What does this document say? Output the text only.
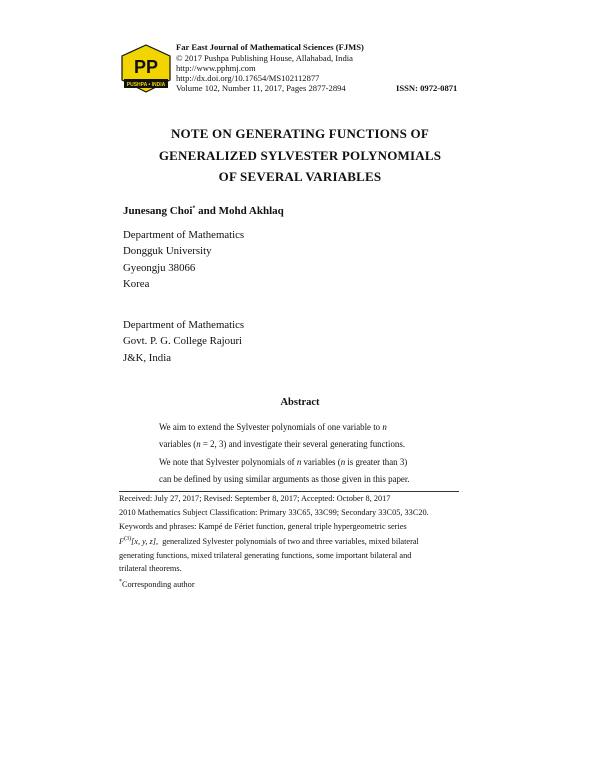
PP
PUSHPA • INDIA
Far East Journal of Mathematical Sciences (FJMS)
© 2017 Pushpa Publishing House, Allahabad, India
http://www.pphmj.com
http://dx.doi.org/10.17654/MS102112877
Volume 102, Number 11, 2017, Pages 2877-2894	ISSN: 0972-0871
NOTE ON GENERATING FUNCTIONS OF
GENERALIZED SYLVESTER POLYNOMIALS
OF SEVERAL VARIABLES
Junesang Choi* and Mohd Akhlaq
Department of Mathematics
Dongguk University
Gyeongju 38066
Korea
Department of Mathematics
Govt. P. G. College Rajouri
J&K, India
Abstract
We aim to extend the Sylvester polynomials of one variable to n
variables (n = 2, 3) and investigate their several generating functions.
We note that Sylvester polynomials of n variables (n is greater than 3)
can be defined by using similar arguments as those given in this paper.
Received: July 27, 2017; Revised: September 8, 2017; Accepted: October 8, 2017
2010 Mathematics Subject Classification: Primary 33C65, 33C99; Secondary 33C05, 33C20.
Keywords and phrases: Kampé de Fériet function, general triple hypergeometric series
$F^{(3)}[x$, y, z],  generalized Sylvester polynomials of two and three variables, mixed bilateral
generating functions, mixed trilateral generating functions, some important bilateral and
trilateral theorems.
*Corresponding author
